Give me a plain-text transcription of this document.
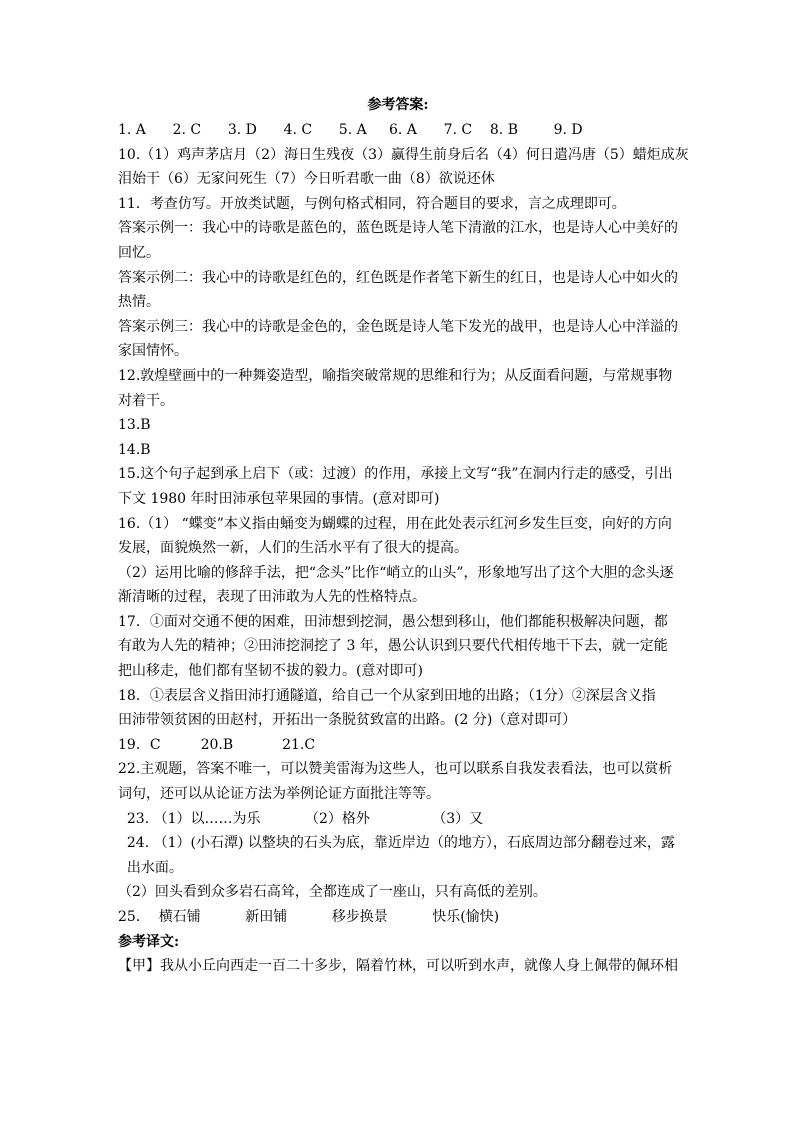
参考答案:

1. A      2. C      3. D      4. C      5. A     6. A      7. C    8. B        9. D

10.（1）鸡声茅店月（2）海日生残夜（3）赢得生前身后名（4）何日遣冯唐（5）蜡炬成灰

泪始干（6）无家问死生（7）今日听君歌一曲（8）欲说还休

11．考查仿写。开放类试题，与例句格式相同，符合题目的要求，言之成理即可。

答案示例一：我心中的诗歌是蓝色的，蓝色既是诗人笔下清澈的江水，也是诗人心中美好的

回忆。

答案示例二：我心中的诗歌是红色的，红色既是作者笔下新生的红日，也是诗人心中如火的

热情。

答案示例三：我心中的诗歌是金色的，金色既是诗人笔下发光的战甲，也是诗人心中洋溢的

家国情怀。

12.敦煌壁画中的一种舞姿造型，喻指突破常规的思维和行为；从反面看问题，与常规事物

对着干。

13.B

14.B

15.这个句子起到承上启下（或：过渡）的作用，承接上文写“我”在洞内行走的感受，引出

下文 1980 年时田沛承包苹果园的事情。(意对即可)

16.（1） “蝶变”本义指由蛹变为蝴蝶的过程，用在此处表示红河乡发生巨变，向好的方向

发展，面貌焕然一新，人们的生活水平有了很大的提高。

（2）运用比喻的修辞手法，把“念头”比作“峭立的山头”，形象地写出了这个大胆的念头逐

渐清晰的过程，表现了田沛敢为人先的性格特点。

17．①面对交通不便的困难，田沛想到挖洞，愚公想到移山，他们都能积极解决问题，都

有敢为人先的精神；②田沛挖洞挖了 3 年，愚公认识到只要代代相传地干下去，就一定能

把山移走，他们都有坚韧不拔的毅力。(意对即可)

18．①表层含义指田沛打通隧道，给自己一个从家到田地的出路；（1分）②深层含义指

田沛带领贫困的田赵村，开拓出一条脱贫致富的出路。(2 分)（意对即可）

19．C         20.B           21.C

22.主观题，答案不唯一，可以赞美雷海为这些人，也可以联系自我发表看法，也可以赏析

词句，还可以从论证方法为举例论证方面批注等等。

23. （1）以……为乐          （2）格外              （3）又

24. （1）(小石潭) 以整块的石头为底，靠近岸边（的地方），石底周边部分翻卷过来，露

出水面。

（2）回头看到众多岩石高耸，全都连成了一座山，只有高低的差别。

25．  横石铺          新田铺          移步换景          快乐(愉快)

参考译文:

【甲】我从小丘向西走一百二十多步，隔着竹林，可以听到水声，就像人身上佩带的佩环相
